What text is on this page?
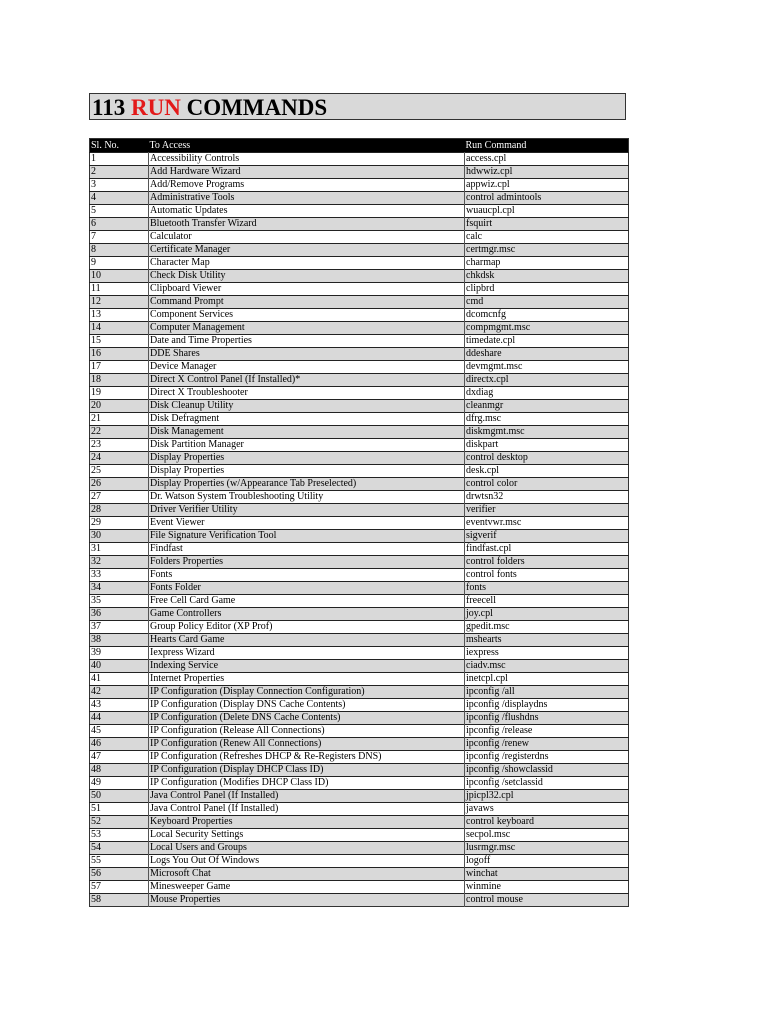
113 RUN COMMANDS
Sl. No.	To Access	Run Command
1	Accessibility Controls	access.cpl
2	Add Hardware Wizard	hdwwiz.cpl
3	Add/Remove Programs	appwiz.cpl
4	Administrative Tools	control admintools
5	Automatic Updates	wuaucpl.cpl
6	Bluetooth Transfer Wizard	fsquirt
7	Calculator	calc
8	Certificate Manager	certmgr.msc
9	Character Map	charmap
10	Check Disk Utility	chkdsk
11	Clipboard Viewer	clipbrd
12	Command Prompt	cmd
13	Component Services	dcomcnfg
14	Computer Management	compmgmt.msc
15	Date and Time Properties	timedate.cpl
16	DDE Shares	ddeshare
17	Device Manager	devmgmt.msc
18	Direct X Control Panel (If Installed)*	directx.cpl
19	Direct X Troubleshooter	dxdiag
20	Disk Cleanup Utility	cleanmgr
21	Disk Defragment	dfrg.msc
22	Disk Management	diskmgmt.msc
23	Disk Partition Manager	diskpart
24	Display Properties	control desktop
25	Display Properties	desk.cpl
26	Display Properties (w/Appearance Tab Preselected)	control color
27	Dr. Watson System Troubleshooting Utility	drwtsn32
28	Driver Verifier Utility	verifier
29	Event Viewer	eventvwr.msc
30	File Signature Verification Tool	sigverif
31	Findfast	findfast.cpl
32	Folders Properties	control folders
33	Fonts	control fonts
34	Fonts Folder	fonts
35	Free Cell Card Game	freecell
36	Game Controllers	joy.cpl
37	Group Policy Editor (XP Prof)	gpedit.msc
38	Hearts Card Game	mshearts
39	Iexpress Wizard	iexpress
40	Indexing Service	ciadv.msc
41	Internet Properties	inetcpl.cpl
42	IP Configuration (Display Connection Configuration)	ipconfig /all
43	IP Configuration (Display DNS Cache Contents)	ipconfig /displaydns
44	IP Configuration (Delete DNS Cache Contents)	ipconfig /flushdns
45	IP Configuration (Release All Connections)	ipconfig /release
46	IP Configuration (Renew All Connections)	ipconfig /renew
47	IP Configuration (Refreshes DHCP & Re-Registers DNS)	ipconfig /registerdns
48	IP Configuration (Display DHCP Class ID)	ipconfig /showclassid
49	IP Configuration (Modifies DHCP Class ID)	ipconfig /setclassid
50	Java Control Panel (If Installed)	jpicpl32.cpl
51	Java Control Panel (If Installed)	javaws
52	Keyboard Properties	control keyboard
53	Local Security Settings	secpol.msc
54	Local Users and Groups	lusrmgr.msc
55	Logs You Out Of Windows	logoff
56	Microsoft Chat	winchat
57	Minesweeper Game	winmine
58	Mouse Properties	control mouse
